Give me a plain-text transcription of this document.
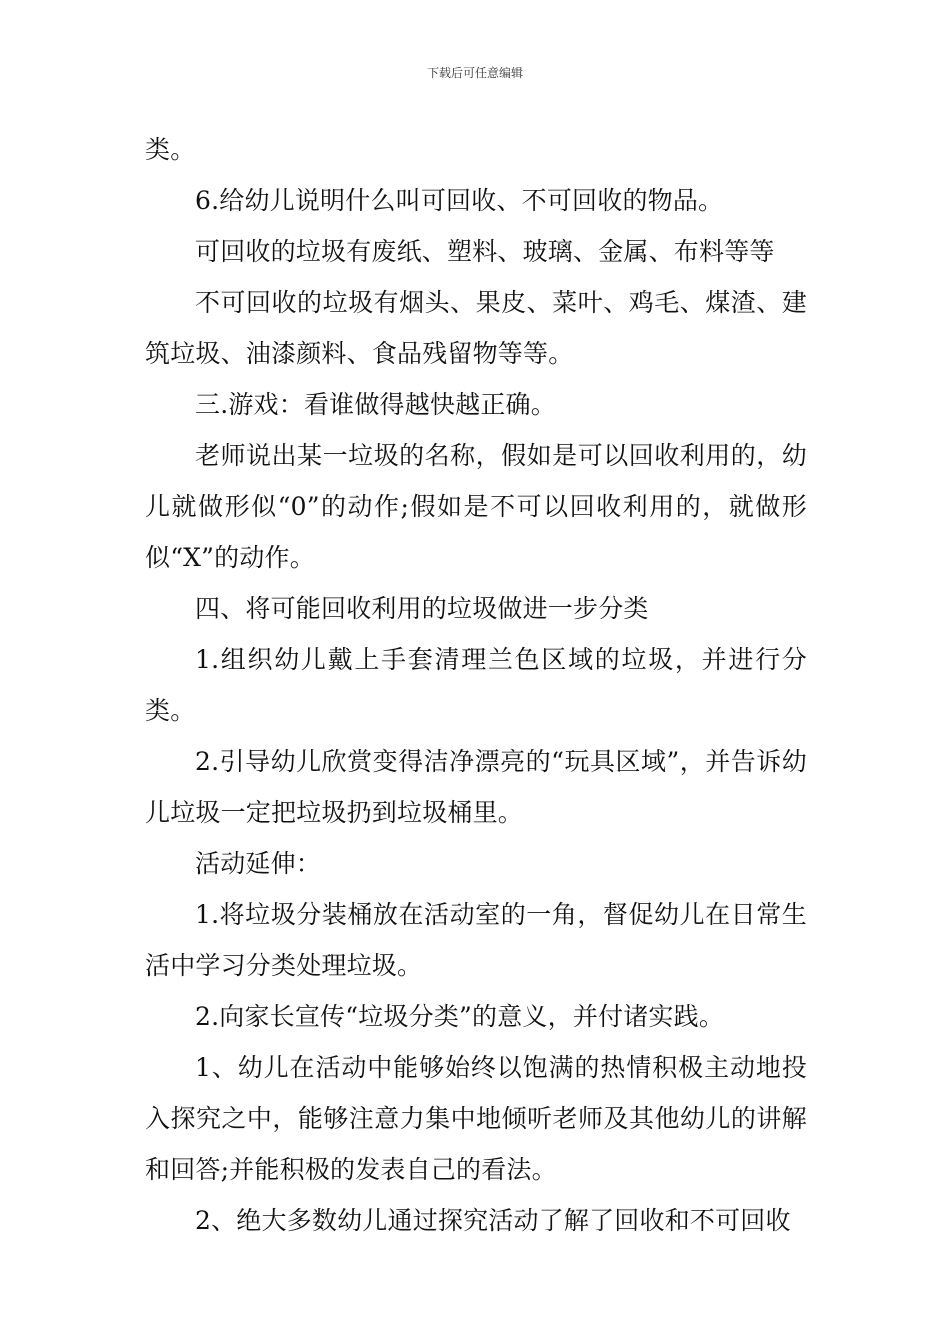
下载后可任意编辑

类。

6.给幼儿说明什么叫可回收、不可回收的物品。

可回收的垃圾有废纸、塑料、玻璃、金属、布料等等

不可回收的垃圾有烟头、果皮、菜叶、鸡毛、煤渣、建筑垃圾、油漆颜料、食品残留物等等。

三.游戏：看谁做得越快越正确。

老师说出某一垃圾的名称，假如是可以回收利用的，幼儿就做形似“0”的动作;假如是不可以回收利用的，就做形似“X”的动作。

四、将可能回收利用的垃圾做进一步分类

1.组织幼儿戴上手套清理兰色区域的垃圾，并进行分类。

2.引导幼儿欣赏变得洁净漂亮的“玩具区域”，并告诉幼儿垃圾一定把垃圾扔到垃圾桶里。

活动延伸：

1.将垃圾分装桶放在活动室的一角，督促幼儿在日常生活中学习分类处理垃圾。

2.向家长宣传“垃圾分类”的意义，并付诸实践。

1、幼儿在活动中能够始终以饱满的热情积极主动地投入探究之中，能够注意力集中地倾听老师及其他幼儿的讲解和回答;并能积极的发表自己的看法。

2、绝大多数幼儿通过探究活动了解了回收和不可回收
